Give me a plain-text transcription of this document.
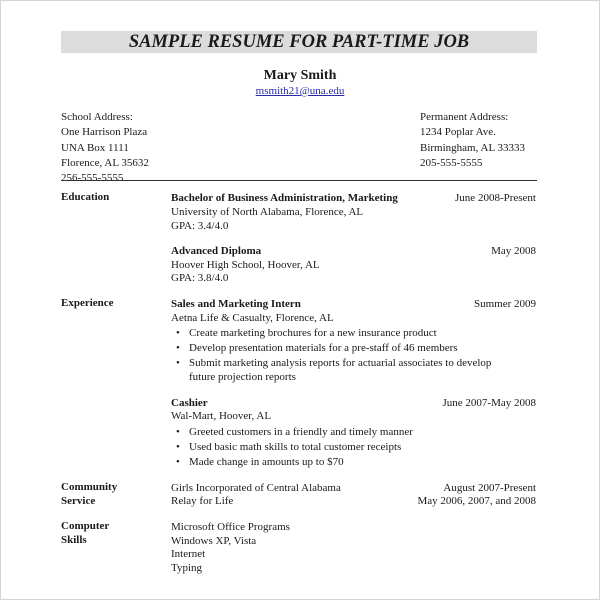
SAMPLE RESUME FOR PART-TIME JOB
Mary Smith
msmith21@una.edu
School Address:
One Harrison Plaza
UNA Box 1111
Florence, AL 35632
256-555-5555
Permanent Address:
1234 Poplar Ave.
Birmingham, AL 33333
205-555-5555
Education	Bachelor of Business Administration, Marketing	June 2008-Present
University of North Alabama, Florence, AL
GPA: 3.4/4.0
Advanced Diploma	May 2008
Hoover High School, Hoover, AL
GPA: 3.8/4.0
Experience	Sales and Marketing Intern	Summer 2009
Aetna Life & Casualty, Florence, AL
• Create marketing brochures for a new insurance product
• Develop presentation materials for a pre-staff of 46 members
• Submit marketing analysis reports for actuarial associates to develop
future projection reports
Cashier	June 2007-May 2008
Wal-Mart, Hoover, AL
• Greeted customers in a friendly and timely manner
• Used basic math skills to total customer receipts
• Made change in amounts up to $70
Community
Service
Girls Incorporated of Central Alabama	August 2007-Present
Relay for Life	May 2006, 2007, and 2008
Computer
Skills
Microsoft Office Programs
Windows XP, Vista
Internet
Typing
